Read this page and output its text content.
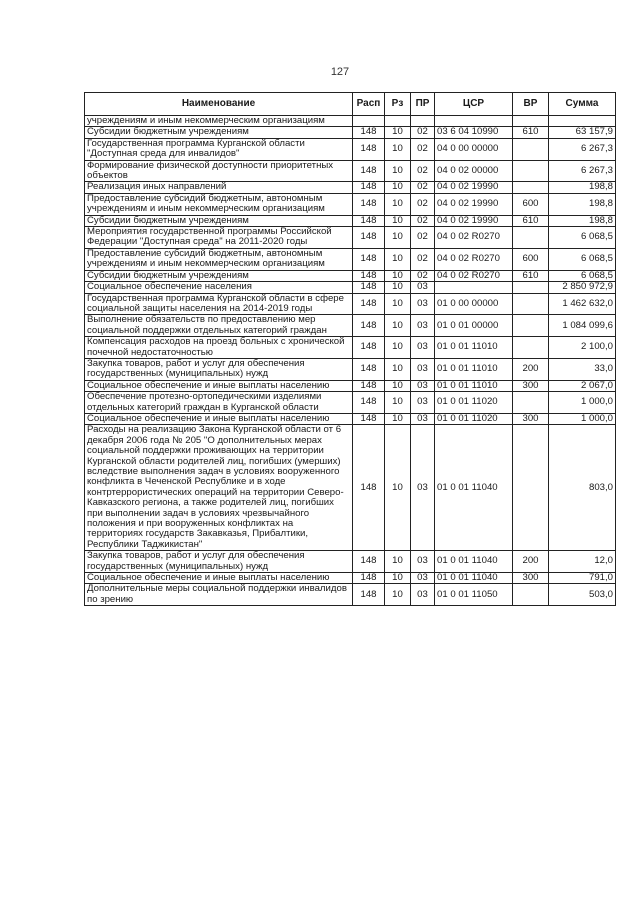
127
Наименование	Расп	Рз	ПР	ЦСР	ВР	Сумма
учреждениям и иным некоммерческим организациям						
Субсидии бюджетным учреждениям	148	10	02	03 6 04 10990	610	63 157,9
Государственная программа Курганской области "Доступная среда для инвалидов"	148	10	02	04 0 00 00000		6 267,3
Формирование физической доступности приоритетных объектов	148	10	02	04 0 02 00000		6 267,3
Реализация иных направлений	148	10	02	04 0 02 19990		198,8
Предоставление субсидий бюджетным, автономным учреждениям и иным некоммерческим организациям	148	10	02	04 0 02 19990	600	198,8
Субсидии бюджетным учреждениям	148	10	02	04 0 02 19990	610	198,8
Мероприятия государственной программы Российской Федерации "Доступная среда" на 2011-2020 годы	148	10	02	04 0 02 R0270		6 068,5
Предоставление субсидий бюджетным, автономным учреждениям и иным некоммерческим организациям	148	10	02	04 0 02 R0270	600	6 068,5
Субсидии бюджетным учреждениям	148	10	02	04 0 02 R0270	610	6 068,5
Социальное обеспечение населения	148	10	03			2 850 972,9
Государственная программа Курганской области в сфере социальной защиты населения на 2014-2019 годы	148	10	03	01 0 00 00000		1 462 632,0
Выполнение обязательств по предоставлению мер социальной поддержки отдельных категорий граждан	148	10	03	01 0 01 00000		1 084 099,6
Компенсация расходов на проезд больных с хронической почечной недостаточностью	148	10	03	01 0 01 11010		2 100,0
Закупка товаров, работ и услуг для обеспечения государственных (муниципальных) нужд	148	10	03	01 0 01 11010	200	33,0
Социальное обеспечение и иные выплаты населению	148	10	03	01 0 01 11010	300	2 067,0
Обеспечение протезно-ортопедическими изделиями отдельных категорий граждан в Курганской области	148	10	03	01 0 01 11020		1 000,0
Социальное обеспечение и иные выплаты населению	148	10	03	01 0 01 11020	300	1 000,0
Расходы на реализацию Закона Курганской области от 6 декабря 2006 года № 205 "О дополнительных мерах социальной поддержки проживающих на территории Курганской области родителей лиц, погибших (умерших) вследствие выполнения задач в условиях вооруженного конфликта в Чеченской Республике и в ходе контртеррористических операций на территории Северо-Кавказского региона, а также родителей лиц, погибших при выполнении задач в условиях чрезвычайного положения и при вооруженных конфликтах на территориях государств Закавказья, Прибалтики, Республики Таджикистан"	148	10	03	01 0 01 11040		803,0
Закупка товаров, работ и услуг для обеспечения государственных (муниципальных) нужд	148	10	03	01 0 01 11040	200	12,0
Социальное обеспечение и иные выплаты населению	148	10	03	01 0 01 11040	300	791,0
Дополнительные меры социальной поддержки инвалидов по зрению	148	10	03	01 0 01 11050		503,0
